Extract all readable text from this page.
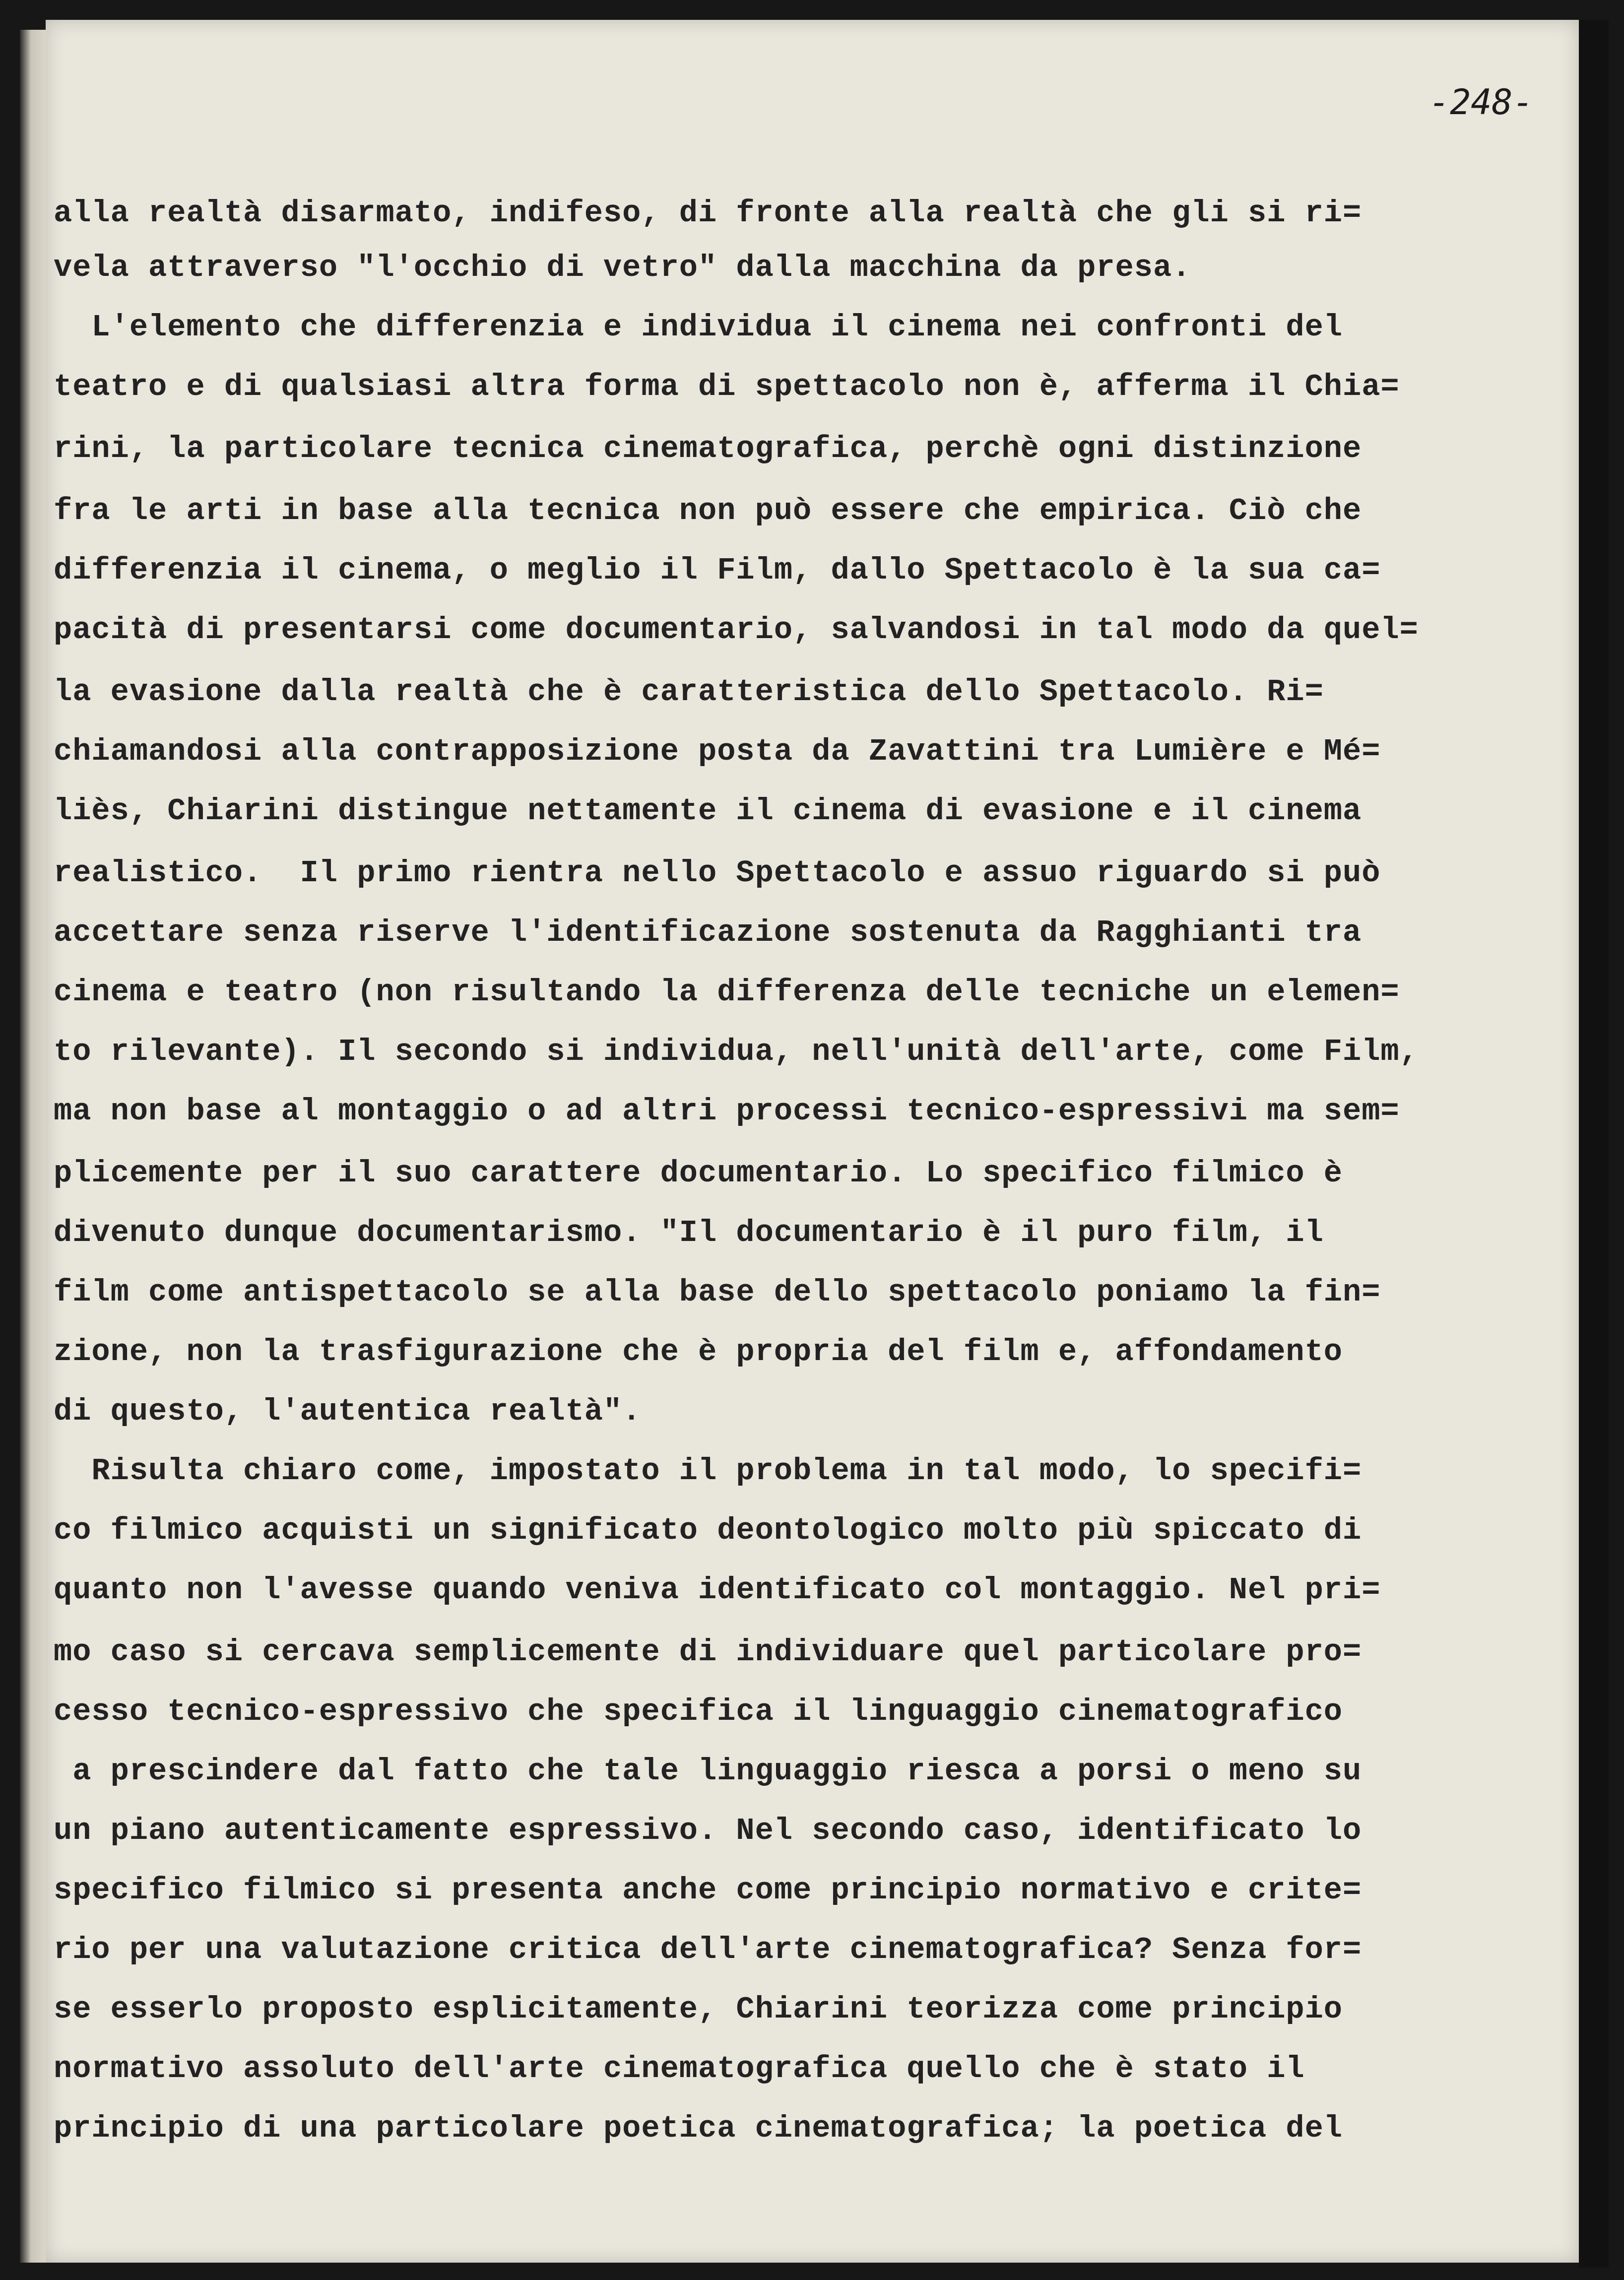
-248-
alla realtà disarmato, indifeso, di fronte alla realtà che gli si ri=
vela attraverso "l'occhio di vetro" dalla macchina da presa.
L'elemento che differenzia e individua il cinema nei confronti del
teatro e di qualsiasi altra forma di spettacolo non è, afferma il Chia=
rini, la particolare tecnica cinematografica, perchè ogni distinzione
fra le arti in base alla tecnica non può essere che empirica. Ciò che
differenzia il cinema, o meglio il Film, dallo Spettacolo è la sua ca=
pacità di presentarsi come documentario, salvandosi in tal modo da quel=
la evasione dalla realtà che è caratteristica dello Spettacolo. Ri=
chiamandosi alla contrapposizione posta da Zavattini tra Lumière e Mé=
liès, Chiarini distingue nettamente il cinema di evasione e il cinema
realistico.  Il primo rientra nello Spettacolo e assuo riguardo si può
accettare senza riserve l'identificazione sostenuta da Ragghianti tra
cinema e teatro (non risultando la differenza delle tecniche un elemen=
to rilevante). Il secondo si individua, nell'unità dell'arte, come Film,
ma non base al montaggio o ad altri processi tecnico-espressivi ma sem=
plicemente per il suo carattere documentario. Lo specifico filmico è
divenuto dunque documentarismo. "Il documentario è il puro film, il
film come antispettacolo se alla base dello spettacolo poniamo la fin=
zione, non la trasfigurazione che è propria del film e, affondamento
di questo, l'autentica realtà".
Risulta chiaro come, impostato il problema in tal modo, lo specifi=
co filmico acquisti un significato deontologico molto più spiccato di
quanto non l'avesse quando veniva identificato col montaggio. Nel pri=
mo caso si cercava semplicemente di individuare quel particolare pro=
cesso tecnico-espressivo che specifica il linguaggio cinematografico
a prescindere dal fatto che tale linguaggio riesca a porsi o meno su
un piano autenticamente espressivo. Nel secondo caso, identificato lo
specifico filmico si presenta anche come principio normativo e crite=
rio per una valutazione critica dell'arte cinematografica? Senza for=
se esserlo proposto esplicitamente, Chiarini teorizza come principio
normativo assoluto dell'arte cinematografica quello che è stato il
principio di una particolare poetica cinematografica; la poetica del
